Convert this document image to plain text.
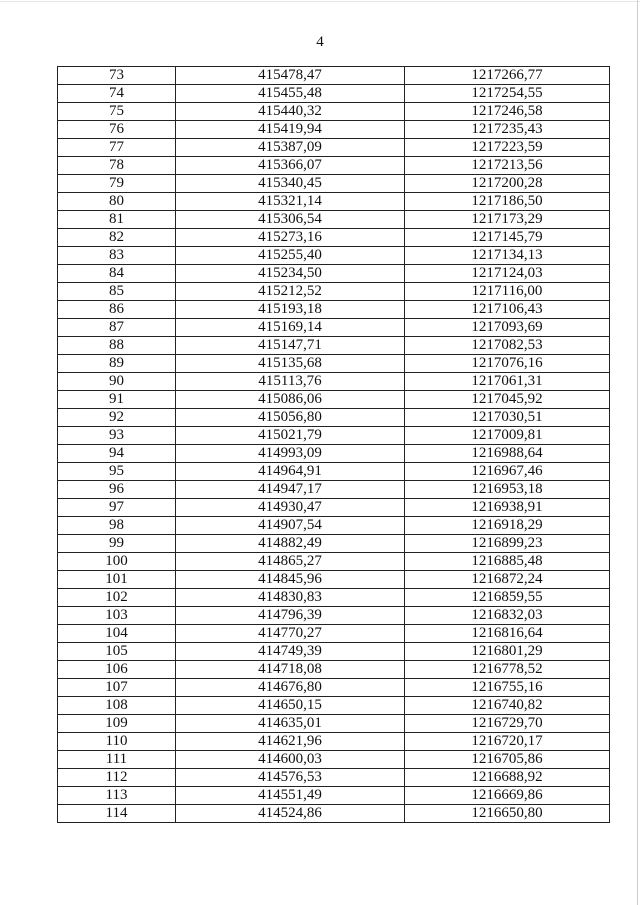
4
73	415478,47	1217266,77
74	415455,48	1217254,55
75	415440,32	1217246,58
76	415419,94	1217235,43
77	415387,09	1217223,59
78	415366,07	1217213,56
79	415340,45	1217200,28
80	415321,14	1217186,50
81	415306,54	1217173,29
82	415273,16	1217145,79
83	415255,40	1217134,13
84	415234,50	1217124,03
85	415212,52	1217116,00
86	415193,18	1217106,43
87	415169,14	1217093,69
88	415147,71	1217082,53
89	415135,68	1217076,16
90	415113,76	1217061,31
91	415086,06	1217045,92
92	415056,80	1217030,51
93	415021,79	1217009,81
94	414993,09	1216988,64
95	414964,91	1216967,46
96	414947,17	1216953,18
97	414930,47	1216938,91
98	414907,54	1216918,29
99	414882,49	1216899,23
100	414865,27	1216885,48
101	414845,96	1216872,24
102	414830,83	1216859,55
103	414796,39	1216832,03
104	414770,27	1216816,64
105	414749,39	1216801,29
106	414718,08	1216778,52
107	414676,80	1216755,16
108	414650,15	1216740,82
109	414635,01	1216729,70
110	414621,96	1216720,17
111	414600,03	1216705,86
112	414576,53	1216688,92
113	414551,49	1216669,86
114	414524,86	1216650,80
